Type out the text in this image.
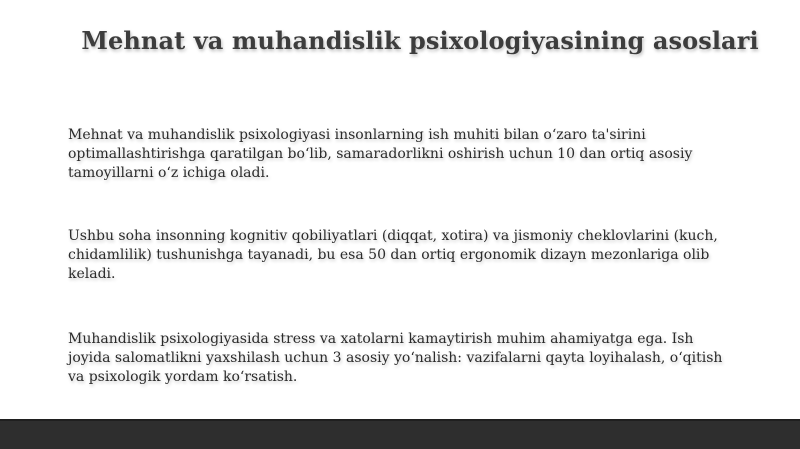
Mehnat va muhandislik psixologiyasining asoslari
Mehnat va muhandislik psixologiyasi insonlarning ish muhiti bilan o‘zaro ta'sirini optimallashtirishga qaratilgan bo‘lib, samaradorlikni oshirish uchun 10 dan ortiq asosiy tamoyillarni o‘z ichiga oladi.
Ushbu soha insonning kognitiv qobiliyatlari (diqqat, xotira) va jismoniy cheklovlarini (kuch, chidamlilik) tushunishga tayanadi, bu esa 50 dan ortiq ergonomik dizayn mezonlariga olib keladi.
Muhandislik psixologiyasida stress va xatolarni kamaytirish muhim ahamiyatga ega. Ish joyida salomatlikni yaxshilash uchun 3 asosiy yo‘nalish: vazifalarni qayta loyihalash, o‘qitish va psixologik yordam ko‘rsatish.
